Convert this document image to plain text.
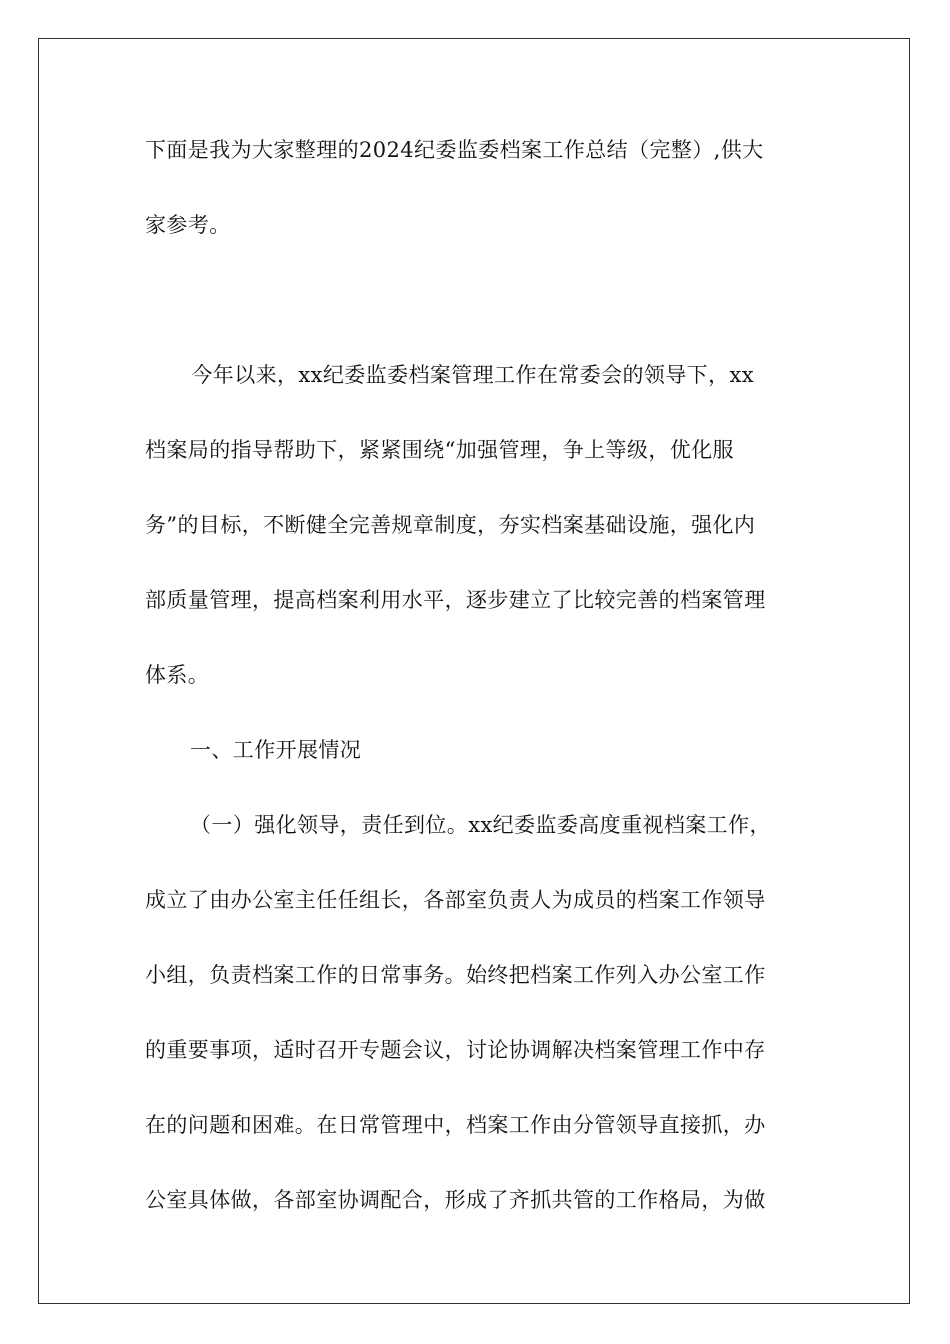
下面是我为大家整理的2024纪委监委档案工作总结（完整）,供大
家参考。
　今年以来，xx纪委监委档案管理工作在常委会的领导下，xx
档案局的指导帮助下，紧紧围绕“加强管理，争上等级，优化服
务”的目标，不断健全完善规章制度，夯实档案基础设施，强化内
部质量管理，提高档案利用水平，逐步建立了比较完善的档案管理
体系。
一、工作开展情况
（一）强化领导，责任到位。xx纪委监委高度重视档案工作，
成立了由办公室主任任组长，各部室负责人为成员的档案工作领导
小组，负责档案工作的日常事务。始终把档案工作列入办公室工作
的重要事项，适时召开专题会议，讨论协调解决档案管理工作中存
在的问题和困难。在日常管理中，档案工作由分管领导直接抓，办
公室具体做，各部室协调配合，形成了齐抓共管的工作格局，为做
